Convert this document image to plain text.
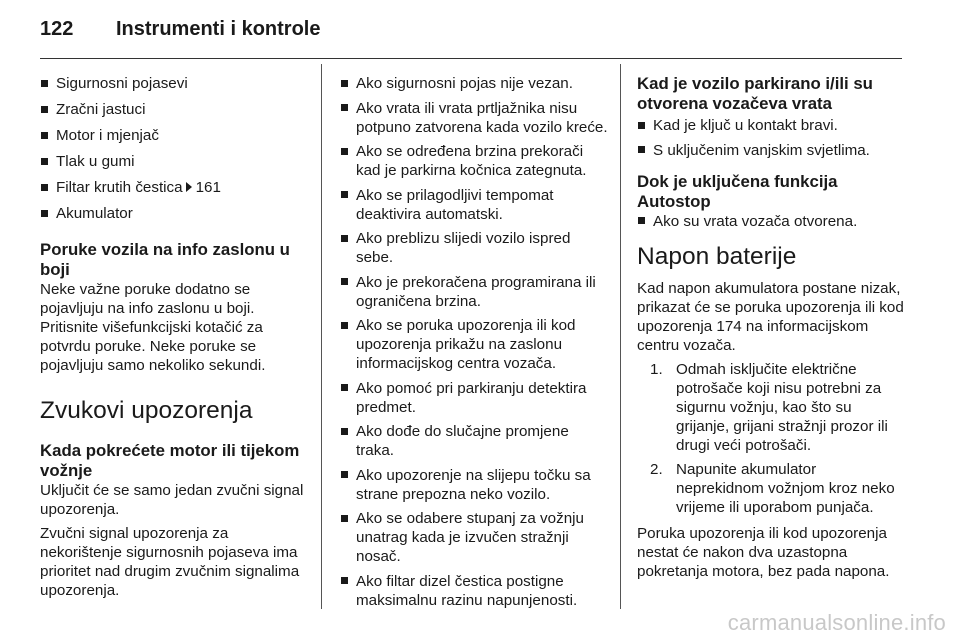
122 Instrumenti i kontrole
Sigurnosni pojasevi
Zračni jastuci
Motor i mjenjač
Tlak u gumi
Filtar krutih čestica 161
Akumulator
Poruke vozila na info zaslonu u boji

Neke važne poruke dodatno se pojavljuju na info zaslonu u boji. Pritisnite višefunkcijski kotačić za potvrdu poruke. Neke poruke se pojavljuju samo nekoliko sekundi.

Zvukovi upozorenja
Kada pokrećete motor ili tijekom vožnje

Uključit će se samo jedan zvučni signal upozorenja.

Zvučni signal upozorenja za nekorištenje sigurnosnih pojaseva ima prioritet nad drugim zvučnim signalima upozorenja.

Ako sigurnosni pojas nije vezan.
Ako vrata ili vrata prtljažnika nisu potpuno zatvorena kada vozilo kreće.
Ako se određena brzina prekorači kad je parkirna kočnica zategnuta.
Ako se prilagodljivi tempomat deaktivira automatski.
Ako preblizu slijedi vozilo ispred sebe.
Ako je prekoračena programirana ili ograničena brzina.
Ako se poruka upozorenja ili kod upozorenja prikažu na zaslonu informacijskog centra vozača.
Ako pomoć pri parkiranju detektira predmet.
Ako dođe do slučajne promjene traka.
Ako upozorenje na slijepu točku sa strane prepozna neko vozilo.
Ako se odabere stupanj za vožnju unatrag kada je izvučen stražnji nosač.
Ako filtar dizel čestica postigne maksimalnu razinu napunjenosti.
Kad je vozilo parkirano i/ili su otvorena vozačeva vrata
Kad je ključ u kontakt bravi.
S uključenim vanjskim svjetlima.
Dok je uključena funkcija Autostop
Ako su vrata vozača otvorena.
Napon baterije

Kad napon akumulatora postane nizak, prikazat će se poruka upozorenja ili kod upozorenja 174 na informacijskom centru vozača.

1. Odmah isključite električne potrošače koji nisu potrebni za sigurnu vožnju, kao što su grijanje, grijani stražnji prozor ili drugi veći potrošači.
2. Napunite akumulator neprekidnom vožnjom kroz neko vrijeme ili uporabom punjača.

Poruka upozorenja ili kod upozorenja nestat će nakon dva uzastopna pokretanja motora, bez pada napona.

carmanualsonline.info
